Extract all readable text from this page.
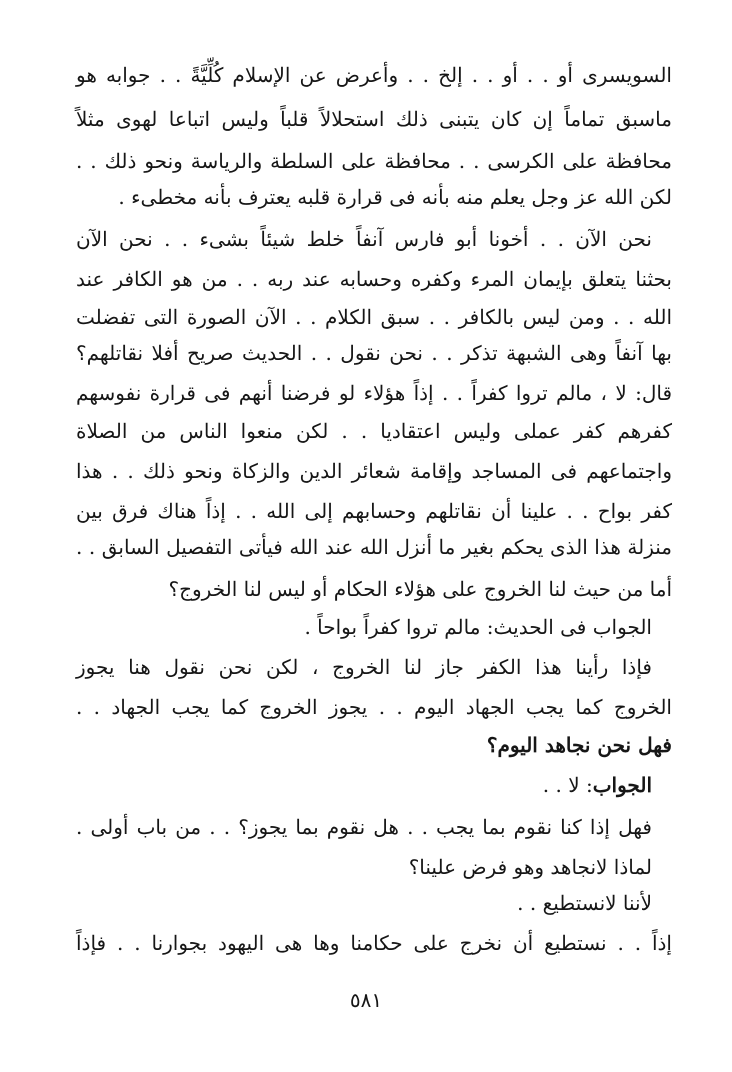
السويسرى أو . . أو . . إلخ . . وأعرض عن الإسلام كُلِّيَّةً . . جوابه هو
ماسبق تماماً إن كان يتبنى ذلك استحلالاً قلباً وليس اتباعا لهوى مثلاً
محافظة على الكرسى . . محافظة على السلطة والرياسة ونحو ذلك . .
لكن الله عز وجل يعلم منه بأنه فى قرارة قلبه يعترف بأنه مخطىء .
نحن الآن . . أخونا أبو فارس آنفاً خلط شيئاً بشىء . . نحن الآن
بحثنا يتعلق بإيمان المرء وكفره وحسابه عند ربه . . من هو الكافر عند
الله . . ومن ليس بالكافر . . سبق الكلام . . الآن الصورة التى تفضلت
بها آنفاً وهى الشبهة تذكر . . نحن نقول . . الحديث صريح أفلا نقاتلهم؟
قال: لا ، مالم تروا كفراً . . إذاً هؤلاء لو فرضنا أنهم فى قرارة نفوسهم
كفرهم كفر عملى وليس اعتقاديا . . لكن منعوا الناس من الصلاة
واجتماعهم فى المساجد وإقامة شعائر الدين والزكاة ونحو ذلك . . هذا
كفر بواح . . علينا أن نقاتلهم وحسابهم إلى الله . . إذاً هناك فرق بين
منزلة هذا الذى يحكم بغير ما أنزل الله عند الله فيأتى التفصيل السابق . .
أما من حيث لنا الخروج على هؤلاء الحكام أو ليس لنا الخروج؟
الجواب فى الحديث: مالم تروا كفراً بواحاً .
فإذا رأينا هذا الكفر جاز لنا الخروج ، لكن نحن نقول هنا يجوز
الخروج كما يجب الجهاد اليوم . . يجوز الخروج كما يجب الجهاد . .
فهل نحن نجاهد اليوم؟
الجواب: لا . .
فهل إذا كنا نقوم بما يجب . . هل نقوم بما يجوز؟ . . من باب أولى .
لماذا لانجاهد وهو فرض علينا؟
لأننا لانستطيع . .
إذاً . . نستطيع أن نخرج على حكامنا وها هى اليهود بجوارنا . . فإذاً
٥٨١
